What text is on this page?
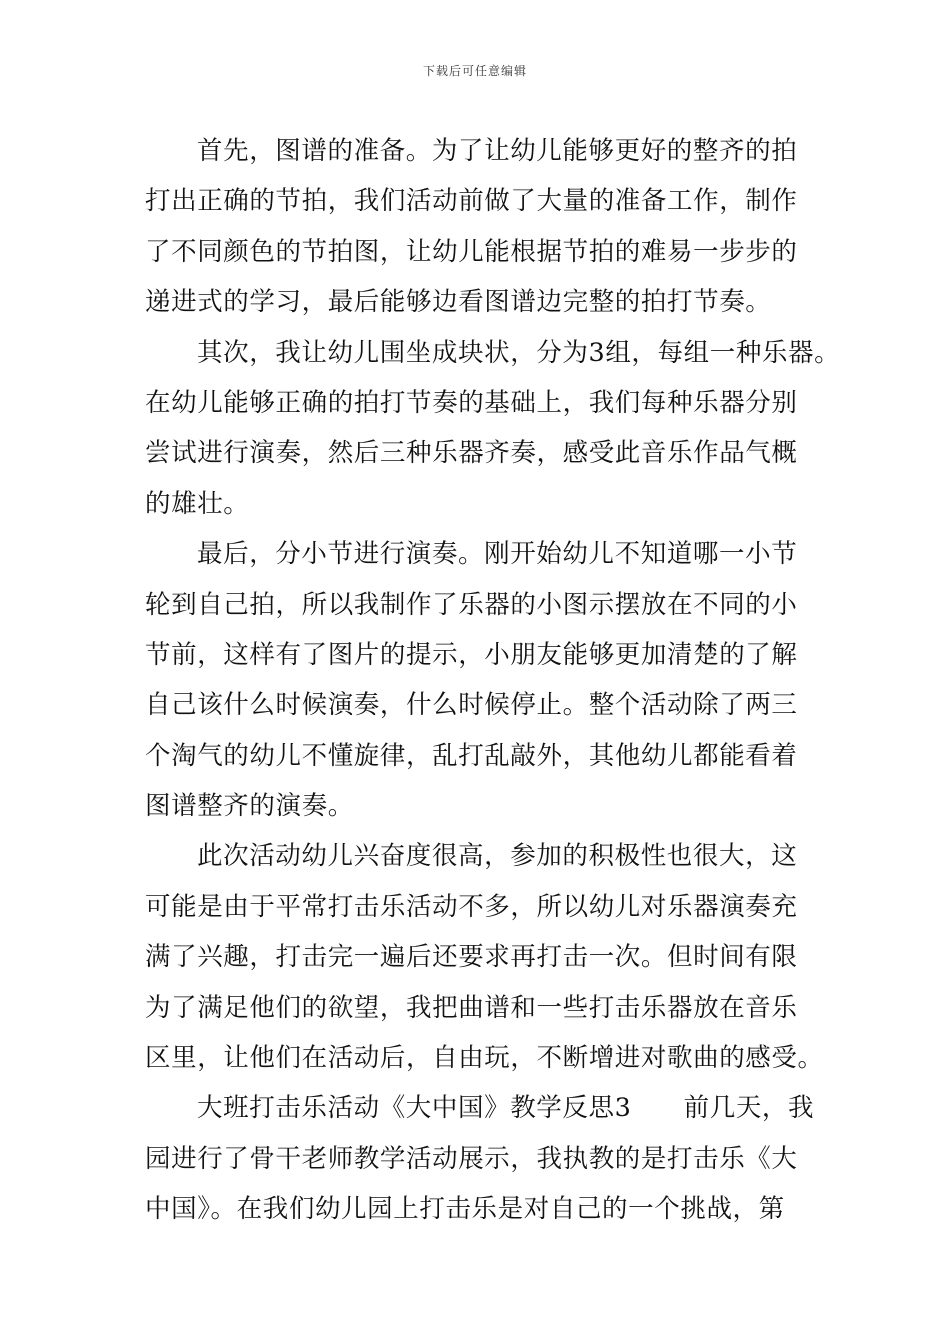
下载后可任意编辑
首先，图谱的准备。为了让幼儿能够更好的整齐的拍
打出正确的节拍，我们活动前做了大量的准备工作，制作
了不同颜色的节拍图，让幼儿能根据节拍的难易一步步的
递进式的学习，最后能够边看图谱边完整的拍打节奏。
其次，我让幼儿围坐成块状，分为3组，每组一种乐器。
在幼儿能够正确的拍打节奏的基础上，我们每种乐器分别
尝试进行演奏，然后三种乐器齐奏，感受此音乐作品气概
的雄壮。
最后，分小节进行演奏。刚开始幼儿不知道哪一小节
轮到自己拍，所以我制作了乐器的小图示摆放在不同的小
节前，这样有了图片的提示，小朋友能够更加清楚的了解
自己该什么时候演奏，什么时候停止。整个活动除了两三
个淘气的幼儿不懂旋律，乱打乱敲外，其他幼儿都能看着
图谱整齐的演奏。
此次活动幼儿兴奋度很高，参加的积极性也很大，这
可能是由于平常打击乐活动不多，所以幼儿对乐器演奏充
满了兴趣，打击完一遍后还要求再打击一次。但时间有限
为了满足他们的欲望，我把曲谱和一些打击乐器放在音乐
区里，让他们在活动后，自由玩，不断增进对歌曲的感受。
大班打击乐活动《大中国》教学反思3　　前几天，我
园进行了骨干老师教学活动展示，我执教的是打击乐《大
中国》。在我们幼儿园上打击乐是对自己的一个挑战，第
